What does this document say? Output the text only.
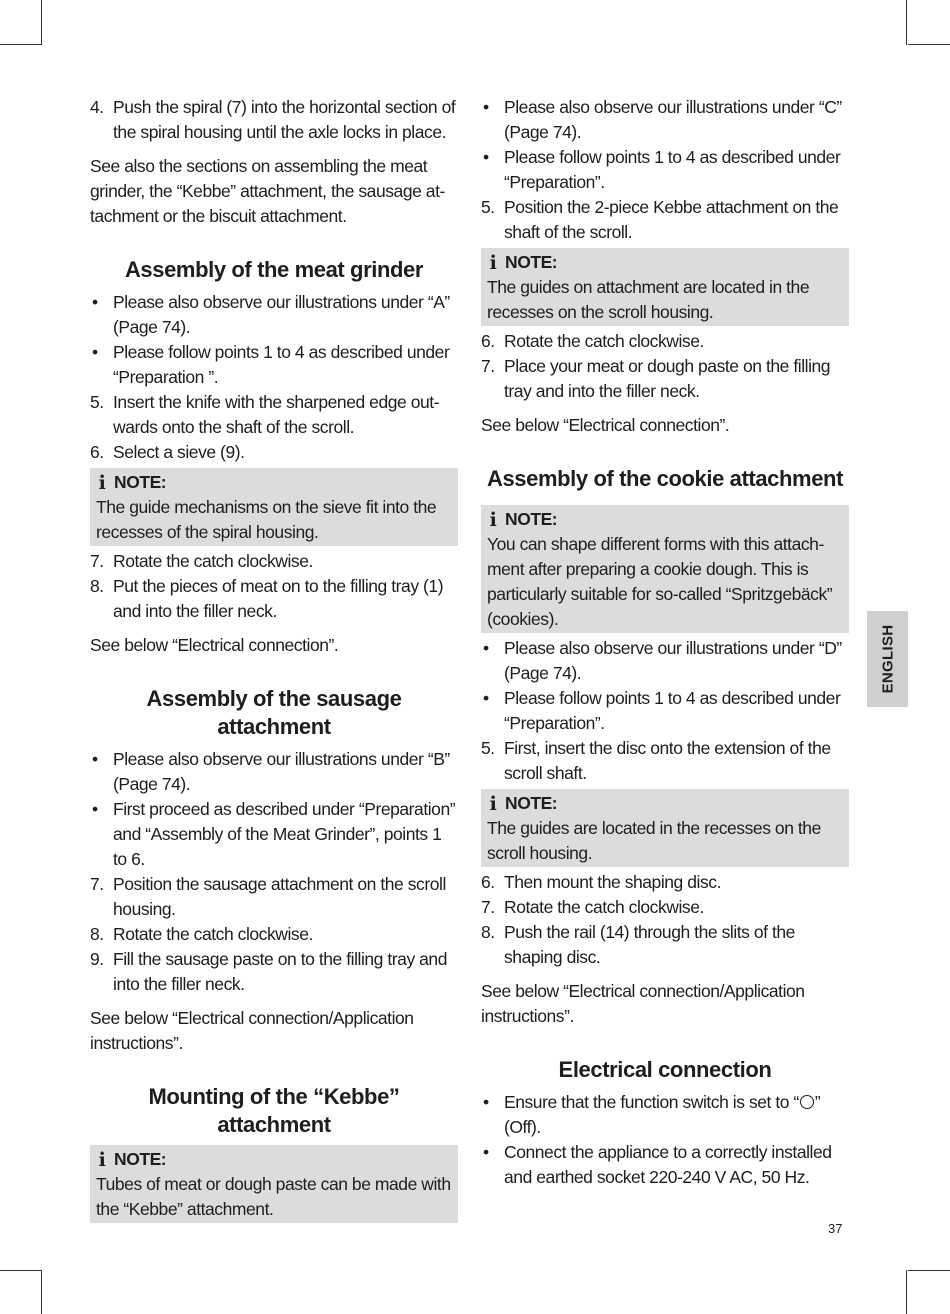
4. Push the spiral (7) into the horizontal section of the spiral housing until the axle locks in place.

See also the sections on assembling the meat grinder, the “Kebbe” attachment, the sausage attachment or the biscuit attachment.

Assembly of the meat grinder
• Please also observe our illustrations under “A” (Page 74).
• Please follow points 1 to 4 as described under “Preparation ”.
5. Insert the knife with the sharpened edge outwards onto the shaft of the scroll.
6. Select a sieve (9).
i NOTE:
The guide mechanisms on the sieve fit into the recesses of the spiral housing.
7. Rotate the catch clockwise.
8. Put the pieces of meat on to the filling tray (1) and into the filler neck.

See below “Electrical connection”.

Assembly of the sausage attachment
• Please also observe our illustrations under “B” (Page 74).
• First proceed as described under “Preparation” and “Assembly of the Meat Grinder”, points 1 to 6.
7. Position the sausage attachment on the scroll housing.
8. Rotate the catch clockwise.
9. Fill the sausage paste on to the filling tray and into the filler neck.

See below “Electrical connection/Application instructions”.

Mounting of the “Kebbe” attachment
i NOTE:
Tubes of meat or dough paste can be made with the “Kebbe” attachment.
• Please also observe our illustrations under “C” (Page 74).
• Please follow points 1 to 4 as described under “Preparation”.
5. Position the 2-piece Kebbe attachment on the shaft of the scroll.
i NOTE:
The guides on attachment are located in the recesses on the scroll housing.
6. Rotate the catch clockwise.
7. Place your meat or dough paste on the filling tray and into the filler neck.

See below “Electrical connection”.

Assembly of the cookie attachment
i NOTE:
You can shape different forms with this attachment after preparing a cookie dough. This is particularly suitable for so-called “Spritzgebäck” (cookies).
• Please also observe our illustrations under “D” (Page 74).
• Please follow points 1 to 4 as described under “Preparation”.
5. First, insert the disc onto the extension of the scroll shaft.
i NOTE:
The guides are located in the recesses on the scroll housing.
6. Then mount the shaping disc.
7. Rotate the catch clockwise.
8. Push the rail (14) through the slits of the shaping disc.

See below “Electrical connection/Application instructions”.

Electrical connection
• Ensure that the function switch is set to “ ” (Off).
• Connect the appliance to a correctly installed and earthed socket 220-240 V AC, 50 Hz.
ENGLISH
37
